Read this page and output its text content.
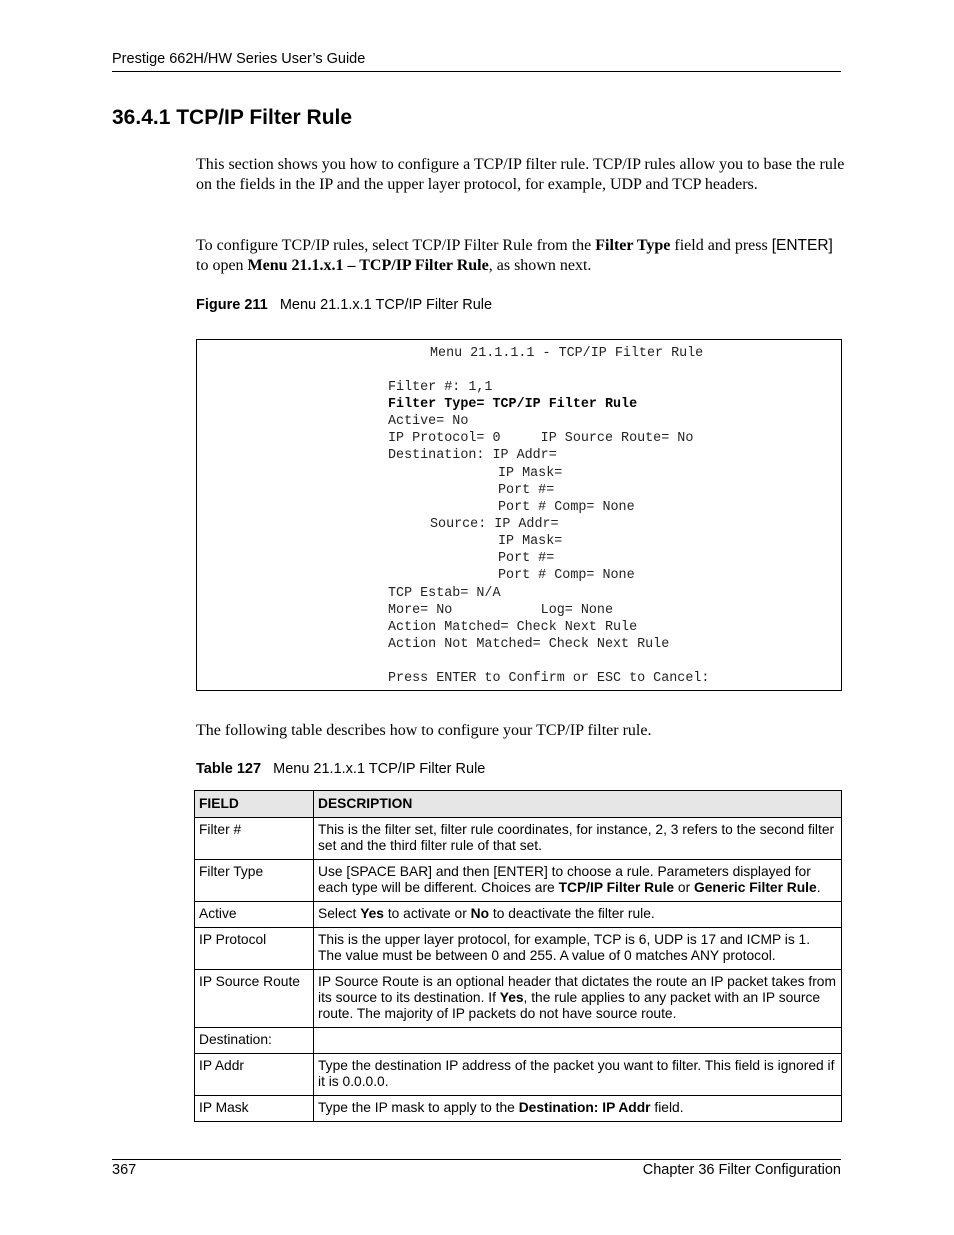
Prestige 662H/HW Series User’s Guide
36.4.1 TCP/IP Filter Rule
This section shows you how to configure a TCP/IP filter rule. TCP/IP rules allow you to base the rule on the fields in the IP and the upper layer protocol, for example, UDP and TCP headers.
To configure TCP/IP rules, select TCP/IP Filter Rule from the Filter Type field and press [ENTER] to open Menu 21.1.x.1 – TCP/IP Filter Rule, as shown next.
Figure 211 Menu 21.1.x.1 TCP/IP Filter Rule
Menu 21.1.1.1 - TCP/IP Filter Rule
Filter #: 1,1
Filter Type= TCP/IP Filter Rule
Active= No
IP Protocol= 0     IP Source Route= No
Destination: IP Addr=
IP Mask=
Port #=
Port # Comp= None
Source: IP Addr=
IP Mask=
Port #=
Port # Comp= None
TCP Estab= N/A
More= No           Log= None
Action Matched= Check Next Rule
Action Not Matched= Check Next Rule
Press ENTER to Confirm or ESC to Cancel:
The following table describes how to configure your TCP/IP filter rule.
Table 127 Menu 21.1.x.1 TCP/IP Filter Rule
FIELD	DESCRIPTION
Filter #	This is the filter set, filter rule coordinates, for instance, 2, 3 refers to the second filter set and the third filter rule of that set.
Filter Type	Use [SPACE BAR] and then [ENTER] to choose a rule. Parameters displayed for each type will be different. Choices are TCP/IP Filter Rule or Generic Filter Rule.
Active	Select Yes to activate or No to deactivate the filter rule.
IP Protocol	This is the upper layer protocol, for example, TCP is 6, UDP is 17 and ICMP is 1. The value must be between 0 and 255. A value of 0 matches ANY protocol.
IP Source Route	IP Source Route is an optional header that dictates the route an IP packet takes from its source to its destination. If Yes, the rule applies to any packet with an IP source route. The majority of IP packets do not have source route.
Destination:	
IP Addr	Type the destination IP address of the packet you want to filter. This field is ignored if it is 0.0.0.0.
IP Mask	Type the IP mask to apply to the Destination: IP Addr field.
367	Chapter 36 Filter Configuration
